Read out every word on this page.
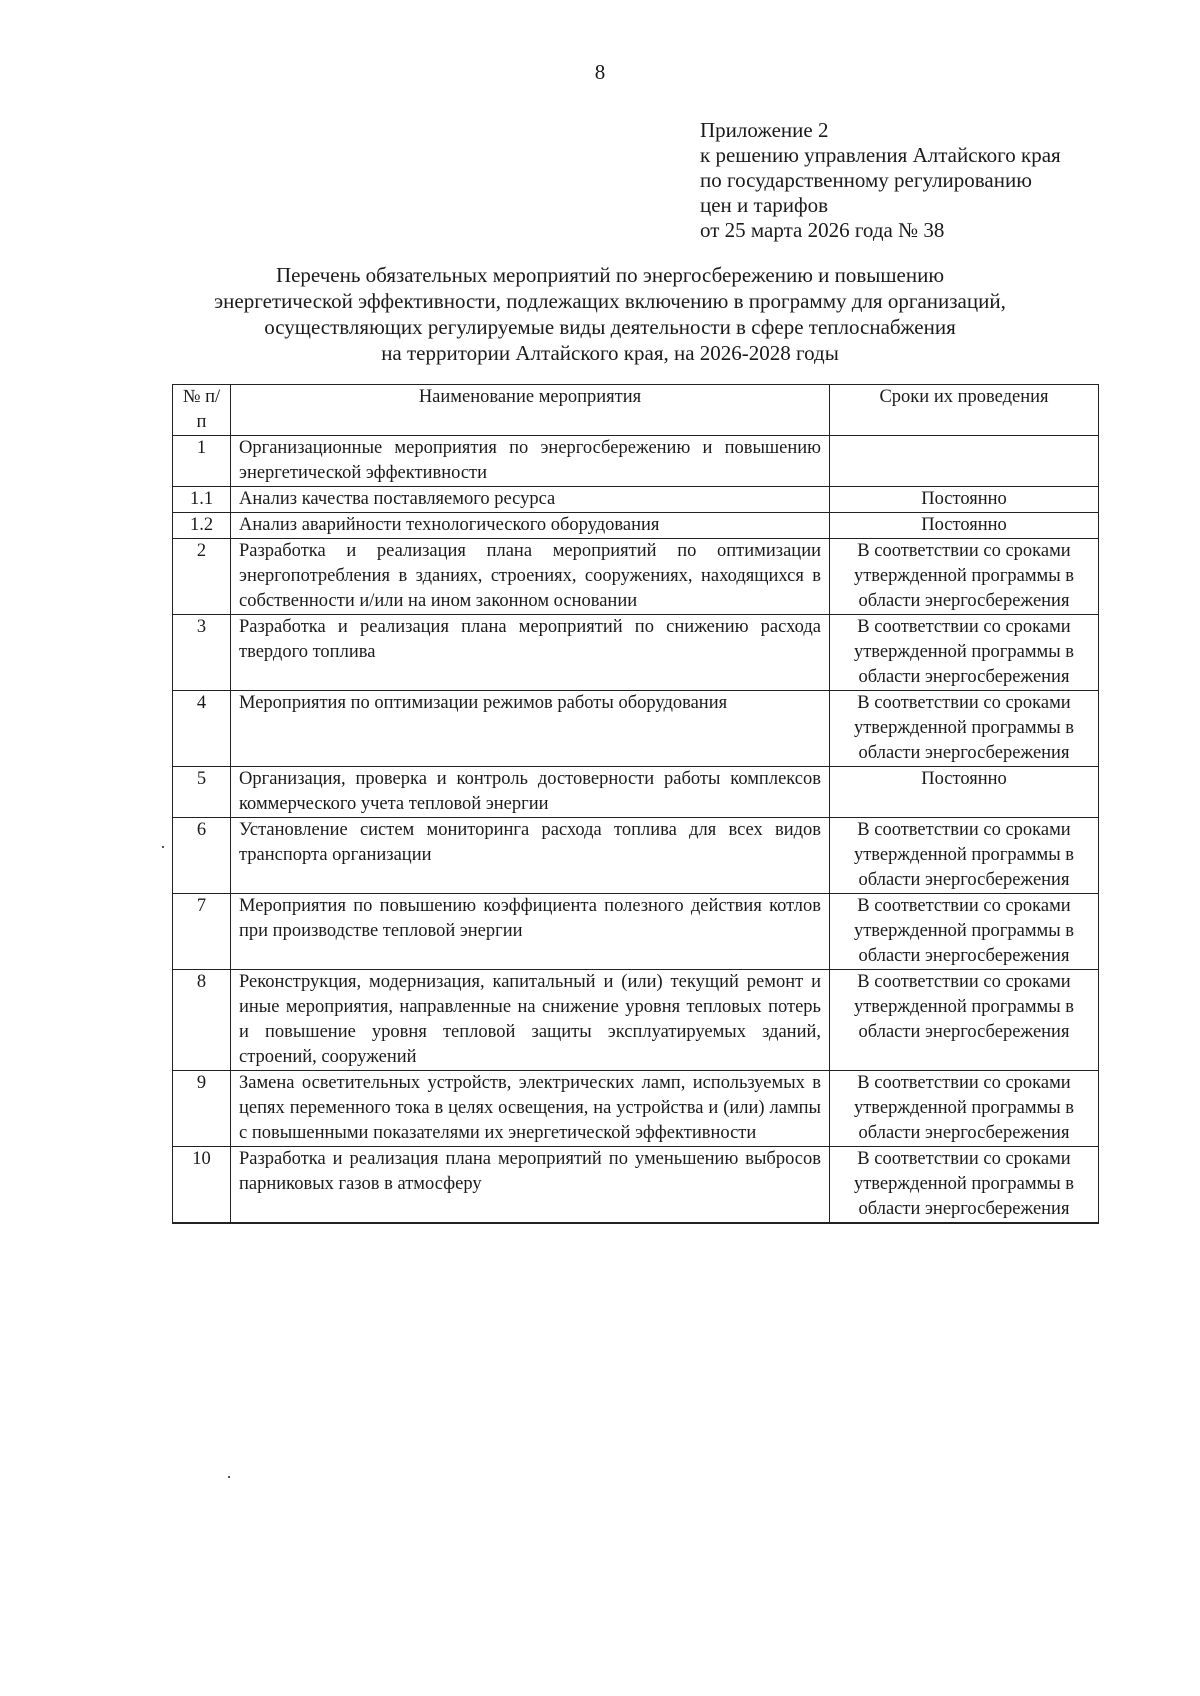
8
Приложение 2
к решению управления Алтайского края
по государственному регулированию
цен и тарифов
от 25 марта 2026 года № 38
Перечень обязательных мероприятий по энергосбережению и повышению
энергетической эффективности, подлежащих включению в программу для организаций,
осуществляющих регулируемые виды деятельности в сфере теплоснабжения
на территории Алтайского края, на 2026-2028 годы
№ п/п	Наименование мероприятия	Сроки их проведения
1	Организационные мероприятия по энергосбережению и повышению энергетической эффективности	
1.1	Анализ качества поставляемого ресурса	Постоянно
1.2	Анализ аварийности технологического оборудования	Постоянно
2	Разработка и реализация плана мероприятий по оптимизации энергопотребления в зданиях, строениях, сооружениях, находящихся в собственности и/или на ином законном основании	В соответствии со сроками утвержденной программы в области энергосбережения
3	Разработка и реализация плана мероприятий по снижению расхода твердого топлива	В соответствии со сроками утвержденной программы в области энергосбережения
4	Мероприятия по оптимизации режимов работы оборудования	В соответствии со сроками утвержденной программы в области энергосбережения
5	Организация, проверка и контроль достоверности работы комплексов коммерческого учета тепловой энергии	Постоянно
6	Установление систем мониторинга расхода топлива для всех видов транспорта организации	В соответствии со сроками утвержденной программы в области энергосбережения
7	Мероприятия по повышению коэффициента полезного действия котлов при производстве тепловой энергии	В соответствии со сроками утвержденной программы в области энергосбережения
8	Реконструкция, модернизация, капитальный и (или) текущий ремонт и иные мероприятия, направленные на снижение уровня тепловых потерь и повышение уровня тепловой защиты эксплуатируемых зданий, строений, сооружений	В соответствии со сроками утвержденной программы в области энергосбережения
9	Замена осветительных устройств, электрических ламп, используемых в цепях переменного тока в целях освещения, на устройства и (или) лампы с повышенными показателями их энергетической эффективности	В соответствии со сроками утвержденной программы в области энергосбережения
10	Разработка и реализация плана мероприятий по уменьшению выбросов парниковых газов в атмосферу	В соответствии со сроками утвержденной программы в области энергосбережения
